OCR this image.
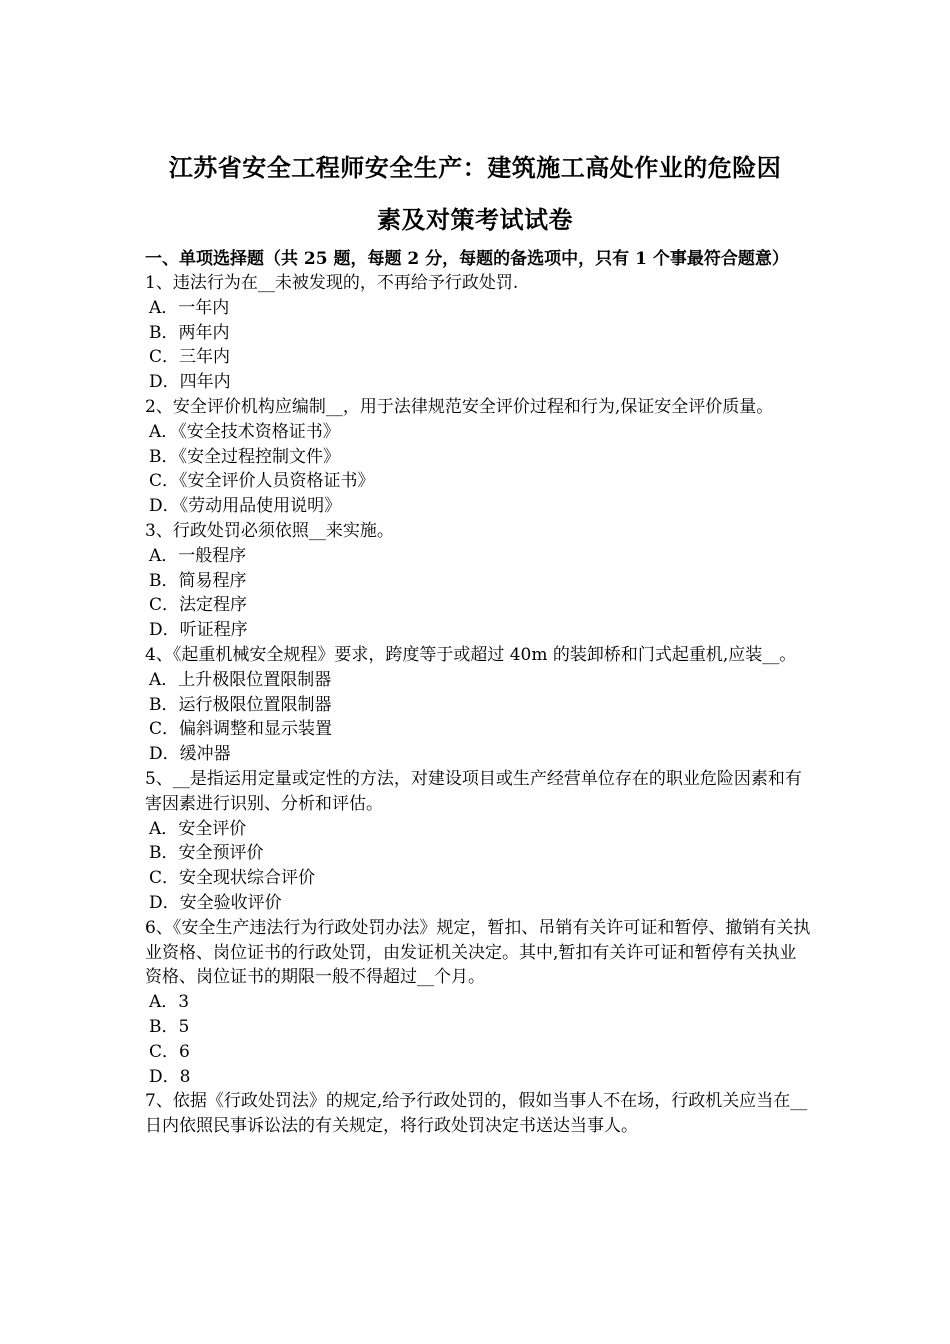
江苏省安全工程师安全生产：建筑施工高处作业的危险因
素及对策考试试卷

一、单项选择题（共 25 题，每题 2 分，每题的备选项中，只有 1 个事最符合题意）

1、违法行为在__未被发现的，不再给予行政处罚.

A．一年内

B．两年内

C．三年内

D．四年内

2、安全评价机构应编制__，用于法律规范安全评价过程和行为,保证安全评价质量。

A．《安全技术资格证书》

B．《安全过程控制文件》

C．《安全评价人员资格证书》

D．《劳动用品使用说明》

3、行政处罚必须依照__来实施。

A．一般程序

B．简易程序

C．法定程序

D．听证程序

4、《起重机械安全规程》要求，跨度等于或超过 40m 的装卸桥和门式起重机,应装__。

A．上升极限位置限制器

B．运行极限位置限制器

C．偏斜调整和显示装置

D．缓冲器

5、__是指运用定量或定性的方法，对建设项目或生产经营单位存在的职业危险因素和有害因素进行识别、分析和评估。

A．安全评价

B．安全预评价

C．安全现状综合评价

D．安全验收评价

6、《安全生产违法行为行政处罚办法》规定，暂扣、吊销有关许可证和暂停、撤销有关执业资格、岗位证书的行政处罚，由发证机关决定。其中,暂扣有关许可证和暂停有关执业资格、岗位证书的期限一般不得超过__个月。

A．3

B．5

C．6

D．8

7、依据《行政处罚法》的规定,给予行政处罚的，假如当事人不在场，行政机关应当在__日内依照民事诉讼法的有关规定，将行政处罚决定书送达当事人。
